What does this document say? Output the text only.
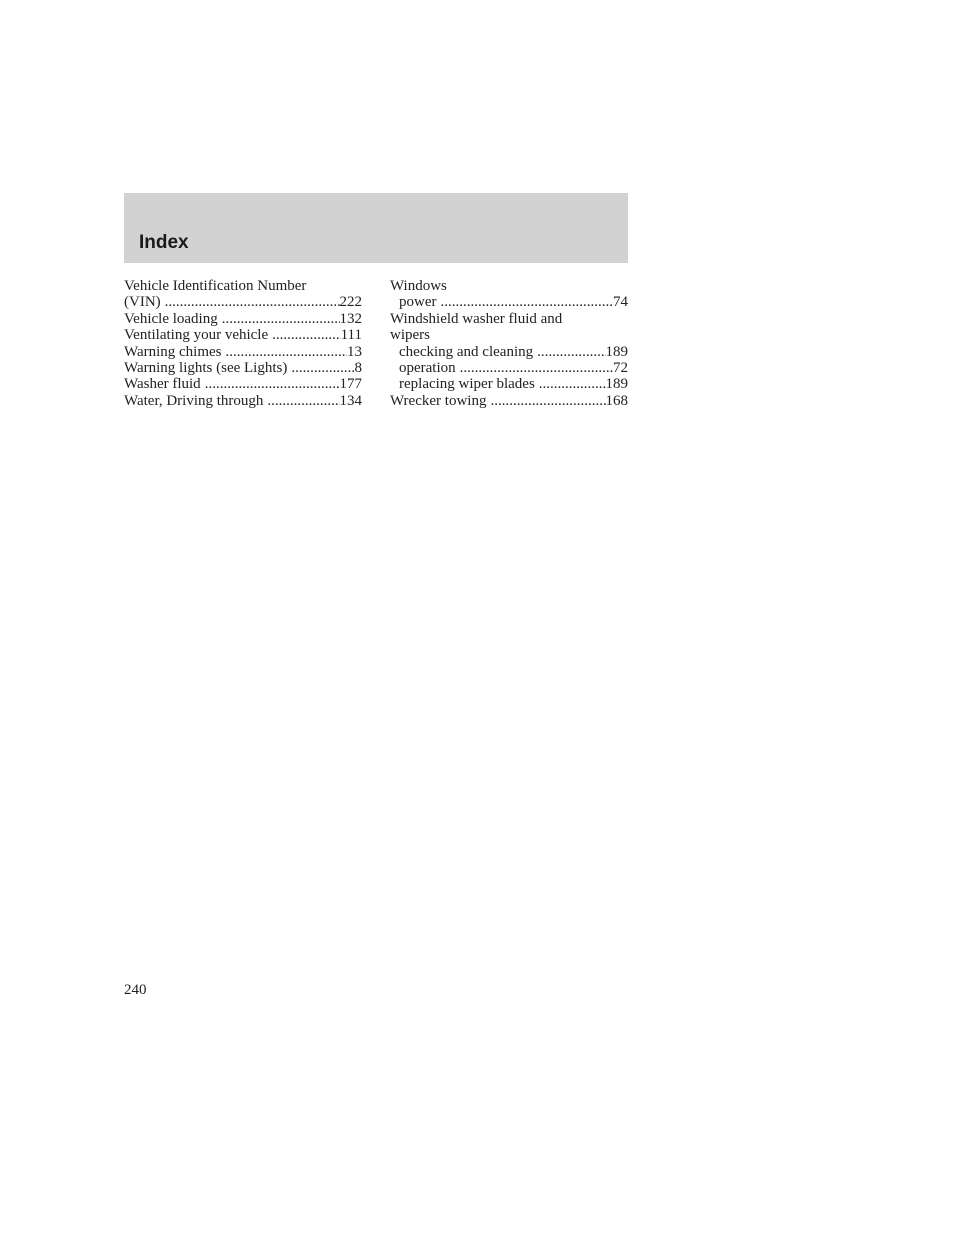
Index
Vehicle Identification Number
(VIN) .....	222
Vehicle loading .....	132
Ventilating your vehicle .....	111
Warning chimes .....	13
Warning lights (see Lights) .....	8
Washer fluid .....	177
Water, Driving through .....	134
Windows
power .....	74
Windshield washer fluid and
wipers
checking and cleaning .....	189
operation .....	72
replacing wiper blades .....	189
Wrecker towing .....	168
240
